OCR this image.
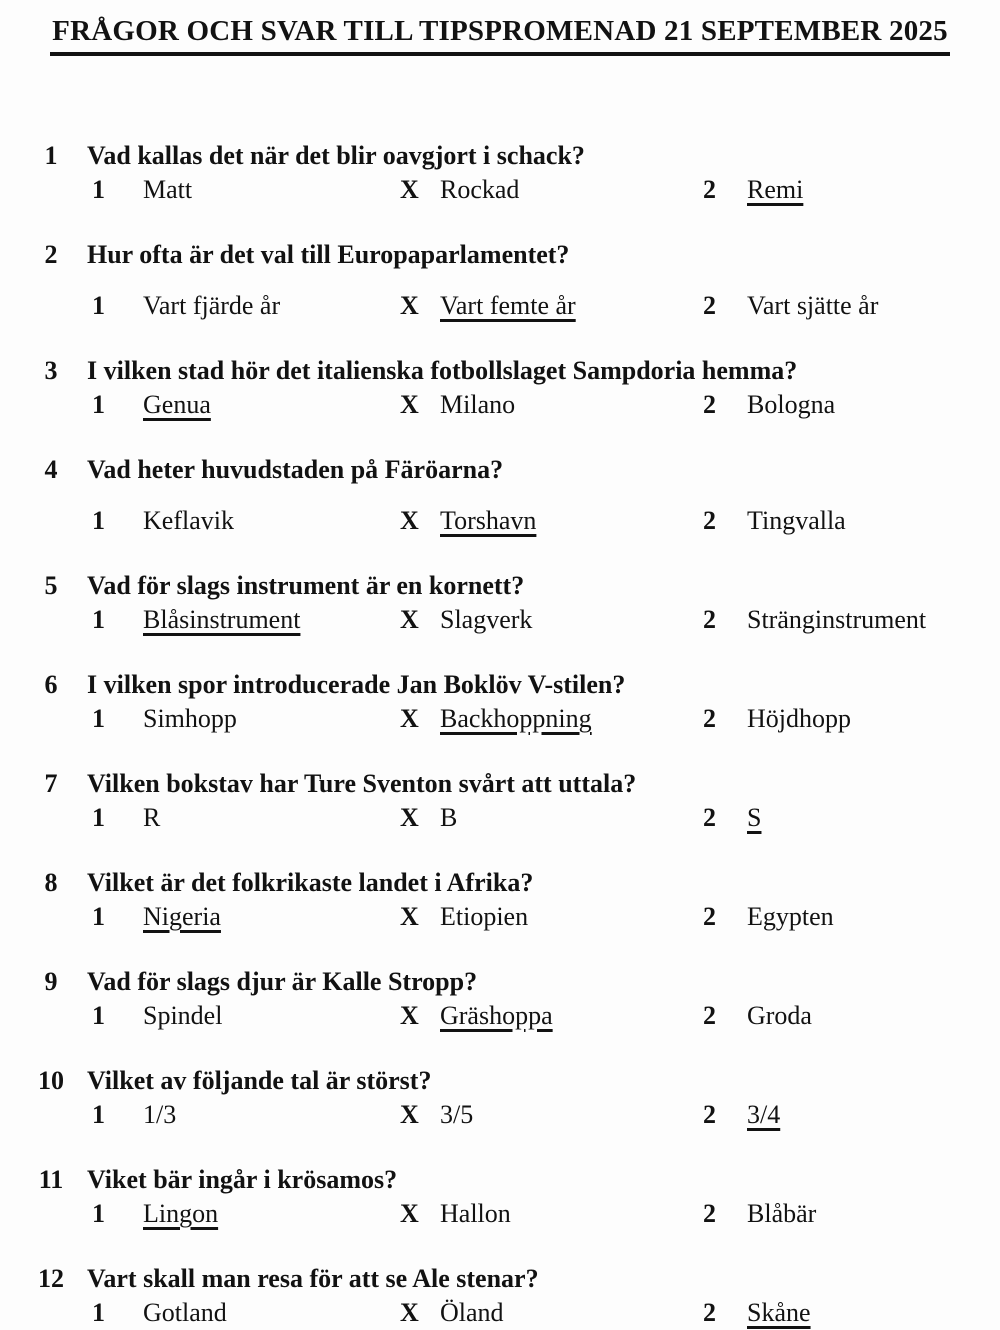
FRÅGOR OCH SVAR TILL TIPSPROMENAD 21 SEPTEMBER 2025
1 Vad kallas det när det blir oavgjort i schack?
1	Matt	X Rockad	2	Remi
2 Hur ofta är det val till Europaparlamentet?
1	Vart fjärde år	X Vart femte år	2	Vart sjätte år
3 I vilken stad hör det italienska fotbollslaget Sampdoria hemma?
1	Genua	X Milano	2	Bologna
4 Vad heter huvudstaden på Färöarna?
1	Keflavik	X Torshavn	2	Tingvalla
5 Vad för slags instrument är en kornett?
1	Blåsinstrument	X Slagverk	2	Stränginstrument
6 I vilken spor introducerade Jan Boklöv V-stilen?
1	Simhopp	X Backhoppning	2	Höjdhopp
7 Vilken bokstav har Ture Sventon svårt att uttala?
1	R	X B	2	S
8 Vilket är det folkrikaste landet i Afrika?
1	Nigeria	X Etiopien	2	Egypten
9 Vad för slags djur är Kalle Stropp?
1	Spindel	X Gräshoppa	2	Groda
10 Vilket av följande tal är störst?
1	1/3	X 3/5	2	3/4
11 Viket bär ingår i krösamos?
1	Lingon	X Hallon	2	Blåbär
12 Vart skall man resa för att se Ale stenar?
1	Gotland	X Öland	2	Skåne
